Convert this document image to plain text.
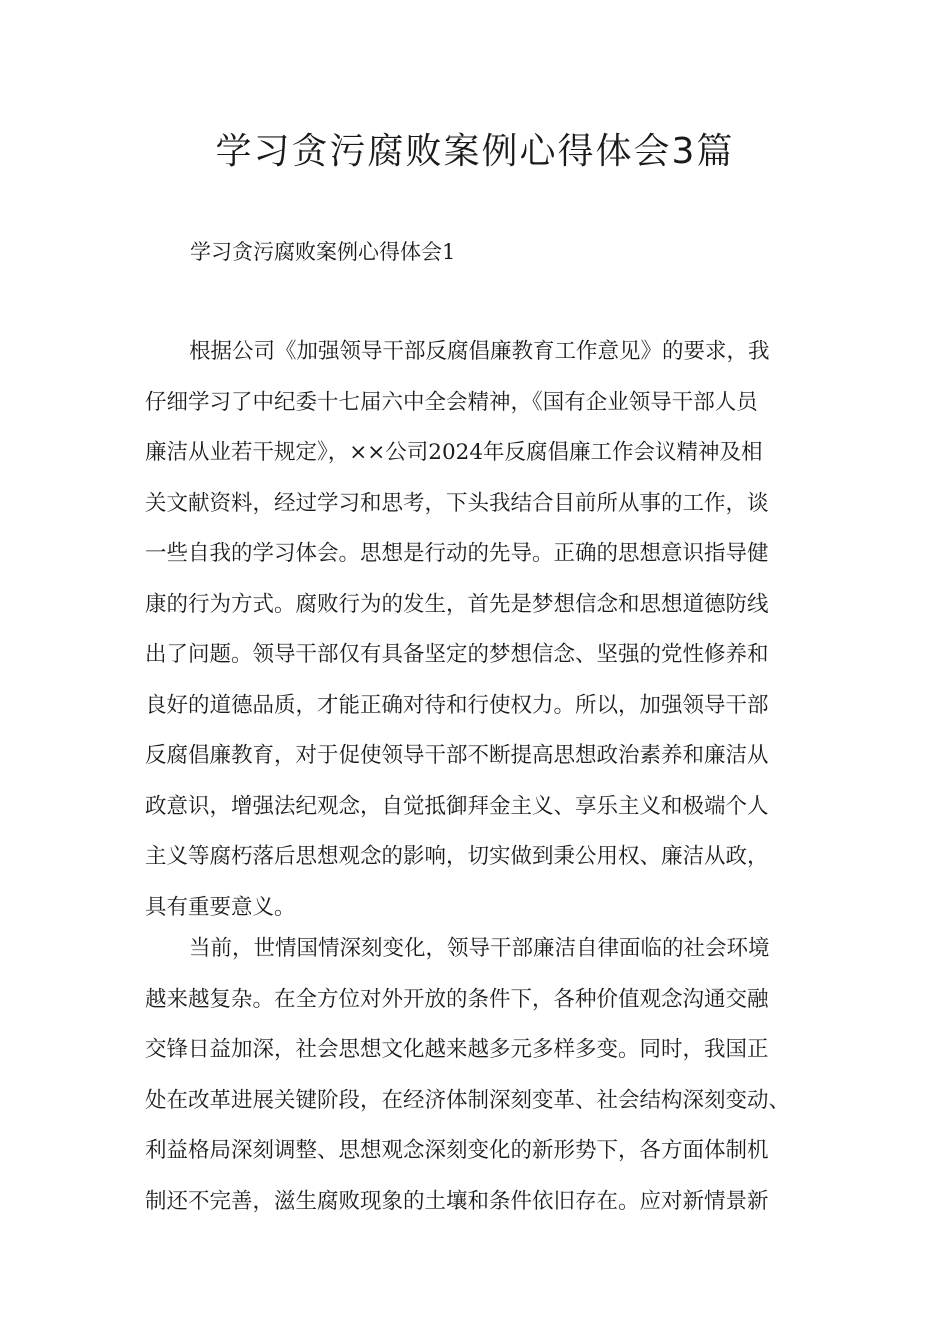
学习贪污腐败案例心得体会3篇

学习贪污腐败案例心得体会1

根据公司《加强领导干部反腐倡廉教育工作意见》的要求，我
仔细学习了中纪委十七届六中全会精神，《国有企业领导干部人员
廉洁从业若干规定》，××公司2024年反腐倡廉工作会议精神及相
关文献资料，经过学习和思考，下头我结合目前所从事的工作，谈
一些自我的学习体会。思想是行动的先导。正确的思想意识指导健
康的行为方式。腐败行为的发生，首先是梦想信念和思想道德防线
出了问题。领导干部仅有具备坚定的梦想信念、坚强的党性修养和
良好的道德品质，才能正确对待和行使权力。所以，加强领导干部
反腐倡廉教育，对于促使领导干部不断提高思想政治素养和廉洁从
政意识，增强法纪观念，自觉抵御拜金主义、享乐主义和极端个人
主义等腐朽落后思想观念的影响，切实做到秉公用权、廉洁从政，
具有重要意义。
当前，世情国情深刻变化，领导干部廉洁自律面临的社会环境
越来越复杂。在全方位对外开放的条件下，各种价值观念沟通交融
交锋日益加深，社会思想文化越来越多元多样多变。同时，我国正
处在改革进展关键阶段，在经济体制深刻变革、社会结构深刻变动、
利益格局深刻调整、思想观念深刻变化的新形势下，各方面体制机
制还不完善，滋生腐败现象的土壤和条件依旧存在。应对新情景新
